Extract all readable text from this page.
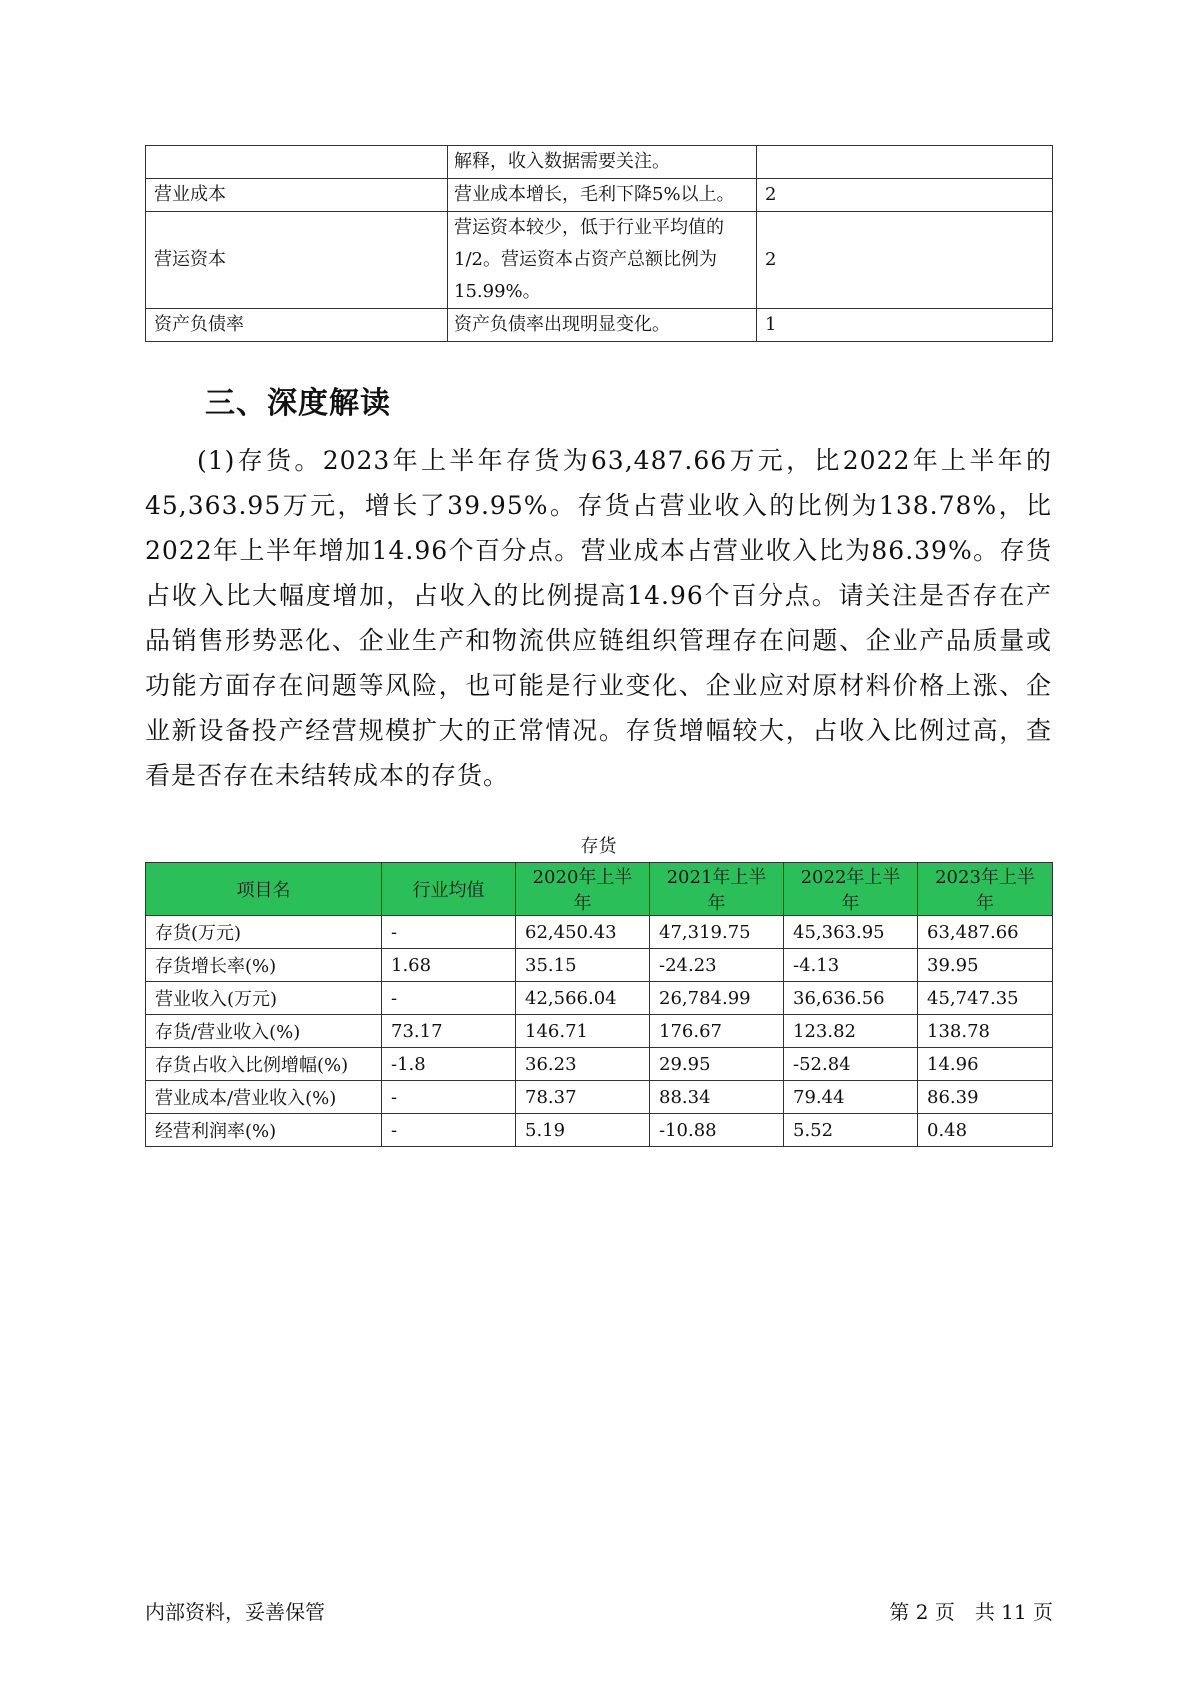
	解释，收入数据需要关注。	
营业成本	营业成本增长，毛利下降5%以上。	2
营运资本	营运资本较少，低于行业平均值的1/2。营运资本占资产总额比例为15.99%。	2
资产负债率	资产负债率出现明显变化。	1
三、深度解读
(1)存货。2023年上半年存货为63,487.66万元，比2022年上半年的45,363.95万元，增长了39.95%。存货占营业收入的比例为138.78%，比2022年上半年增加14.96个百分点。营业成本占营业收入比为86.39%。存货占收入比大幅度增加，占收入的比例提高14.96个百分点。请关注是否存在产品销售形势恶化、企业生产和物流供应链组织管理存在问题、企业产品质量或功能方面存在问题等风险，也可能是行业变化、企业应对原材料价格上涨、企业新设备投产经营规模扩大的正常情况。存货增幅较大，占收入比例过高，查看是否存在未结转成本的存货。
存货
项目名	行业均值	2020年上半年	2021年上半年	2022年上半年	2023年上半年
存货(万元)	-	62,450.43	47,319.75	45,363.95	63,487.66
存货增长率(%)	1.68	35.15	-24.23	-4.13	39.95
营业收入(万元)	-	42,566.04	26,784.99	36,636.56	45,747.35
存货/营业收入(%)	73.17	146.71	176.67	123.82	138.78
存货占收入比例增幅(%)	-1.8	36.23	29.95	-52.84	14.96
营业成本/营业收入(%)	-	78.37	88.34	79.44	86.39
经营利润率(%)	-	5.19	-10.88	5.52	0.48
内部资料，妥善保管	第 2 页　共 11 页
